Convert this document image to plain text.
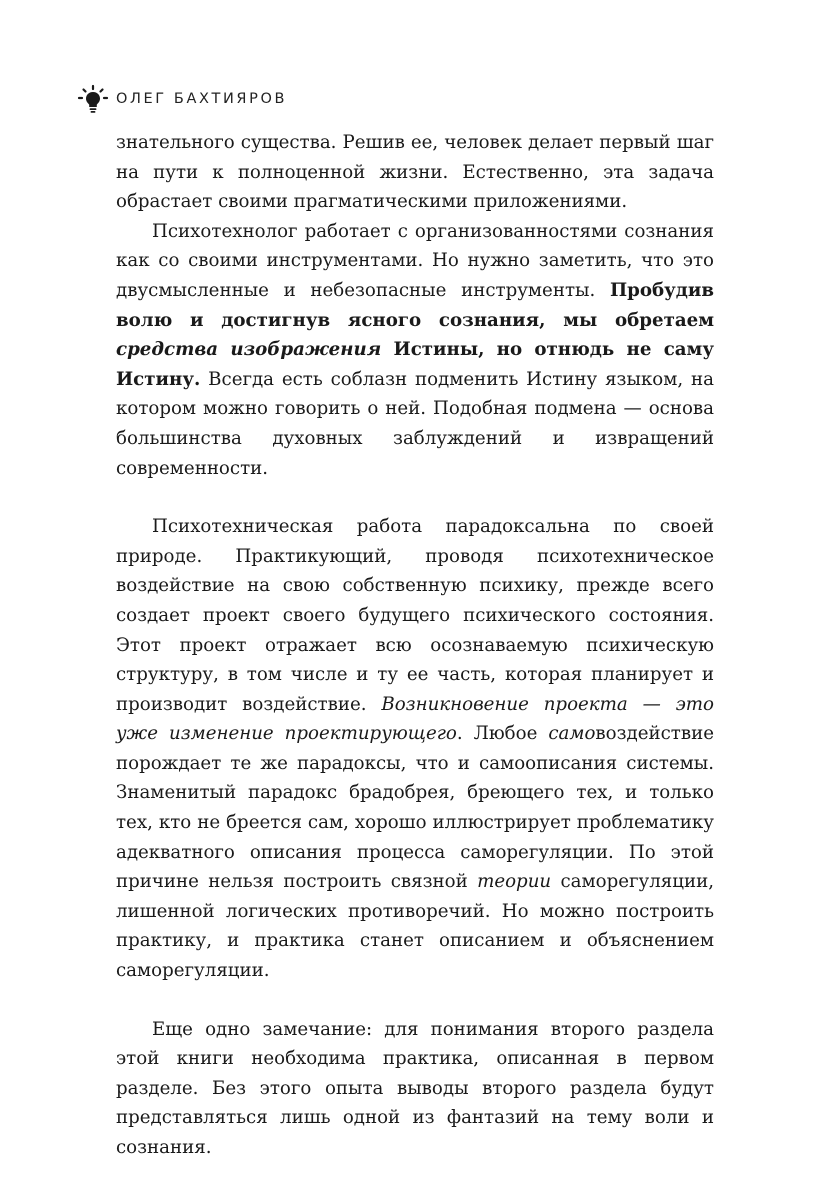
ОЛЕГ БАХТИЯРОВ

знательного существа. Решив ее, человек делает первый шаг на пути к полноценной жизни. Естественно, эта задача обрастает своими прагматическими приложениями.

Психотехнолог работает с организованностями сознания как со своими инструментами. Но нужно заметить, что это двусмысленные и небезопасные инструменты. Пробудив волю и достигнув ясного сознания, мы обретаем средства изображения Истины, но отнюдь не саму Истину. Всегда есть соблазн подменить Истину языком, на котором можно говорить о ней. Подобная подмена — основа большинства духовных заблуждений и извращений современности.

Психотехническая работа парадоксальна по своей природе. Практикующий, проводя психотехническое воздействие на свою собственную психику, прежде всего создает проект своего будущего психического состояния. Этот проект отражает всю осознаваемую психическую структуру, в том числе и ту ее часть, которая планирует и производит воздействие. Возникновение проекта — это уже изменение проектирующего. Любое самовоздействие порождает те же парадоксы, что и самоописания системы. Знаменитый парадокс брадобрея, бреющего тех, и только тех, кто не бреется сам, хорошо иллюстрирует проблематику адекватного описания процесса саморегуляции. По этой причине нельзя построить связной теории саморегуляции, лишенной логических противоречий. Но можно построить практику, и практика станет описанием и объяснением саморегуляции.

Еще одно замечание: для понимания второго раздела этой книги необходима практика, описанная в первом разделе. Без этого опыта выводы второго раздела будут представляться лишь одной из фантазий на тему воли и сознания.
